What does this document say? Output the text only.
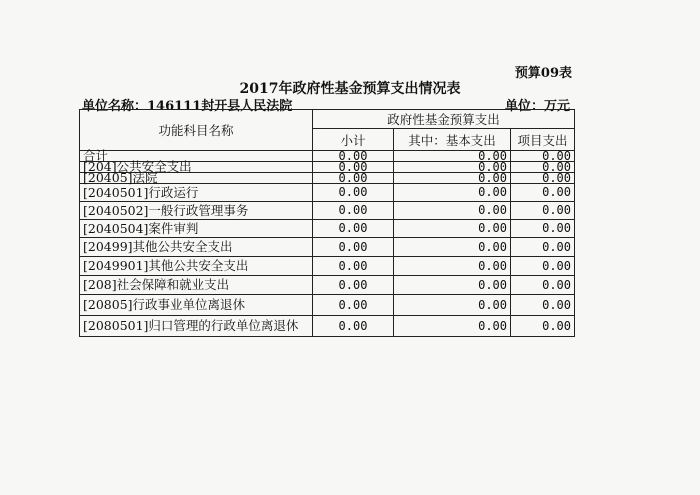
预算09表
2017年政府性基金预算支出情况表
单位名称：146111封开县人民法院	单位：万元
功能科目名称	政府性基金预算支出		
	小计	其中：基本支出	项目支出
合计	0.00	0.00	0.00
[204]公共安全支出	0.00	0.00	0.00
[20405]法院	0.00	0.00	0.00
[2040501]行政运行	0.00	0.00	0.00
[2040502]一般行政管理事务	0.00	0.00	0.00
[2040504]案件审判	0.00	0.00	0.00
[20499]其他公共安全支出	0.00	0.00	0.00
[2049901]其他公共安全支出	0.00	0.00	0.00
[208]社会保障和就业支出	0.00	0.00	0.00
[20805]行政事业单位离退休	0.00	0.00	0.00
[2080501]归口管理的行政单位离退休	0.00	0.00	0.00
